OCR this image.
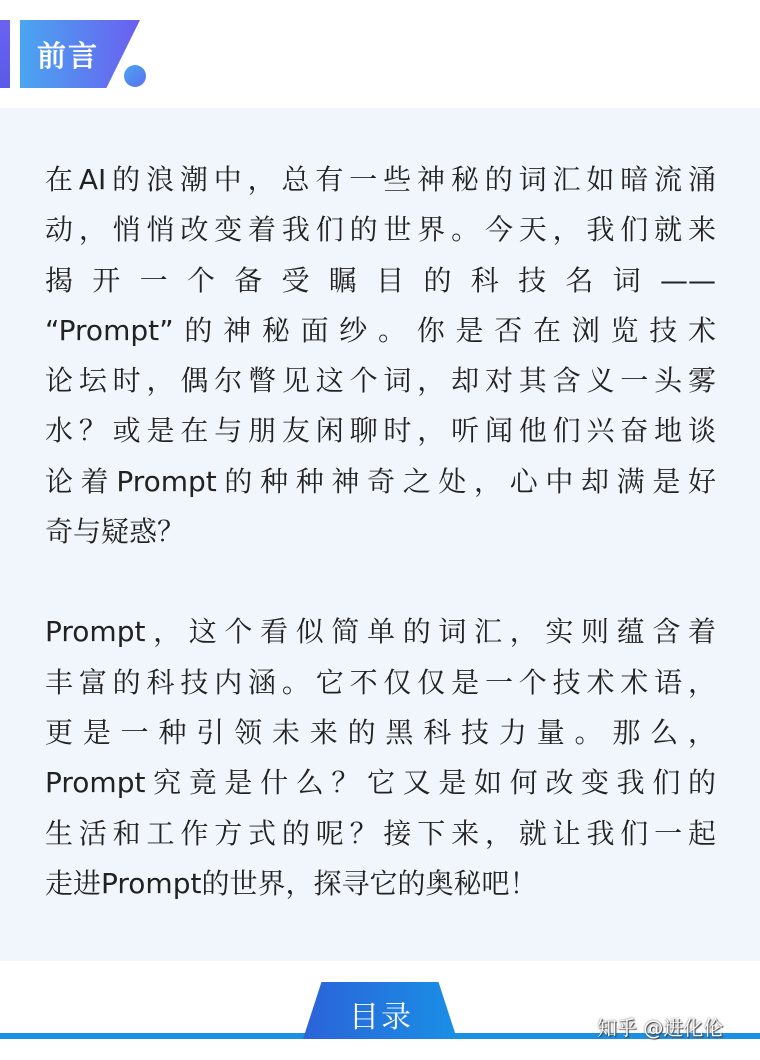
前言
在AI的浪潮中，总有一些神秘的词汇如暗流涌
动，悄悄改变着我们的世界。今天，我们就来
揭开一个备受瞩目的科技名词——
“Prompt”的神秘面纱。你是否在浏览技术
论坛时，偶尔瞥见这个词，却对其含义一头雾
水？或是在与朋友闲聊时，听闻他们兴奋地谈
论着Prompt的种种神奇之处，心中却满是好
奇与疑惑？
Prompt，这个看似简单的词汇，实则蕴含着
丰富的科技内涵。它不仅仅是一个技术术语，
更是一种引领未来的黑科技力量。那么，
Prompt究竟是什么？它又是如何改变我们的
生活和工作方式的呢？接下来，就让我们一起
走进Prompt的世界，探寻它的奥秘吧！
目录	知乎 @进化伦
